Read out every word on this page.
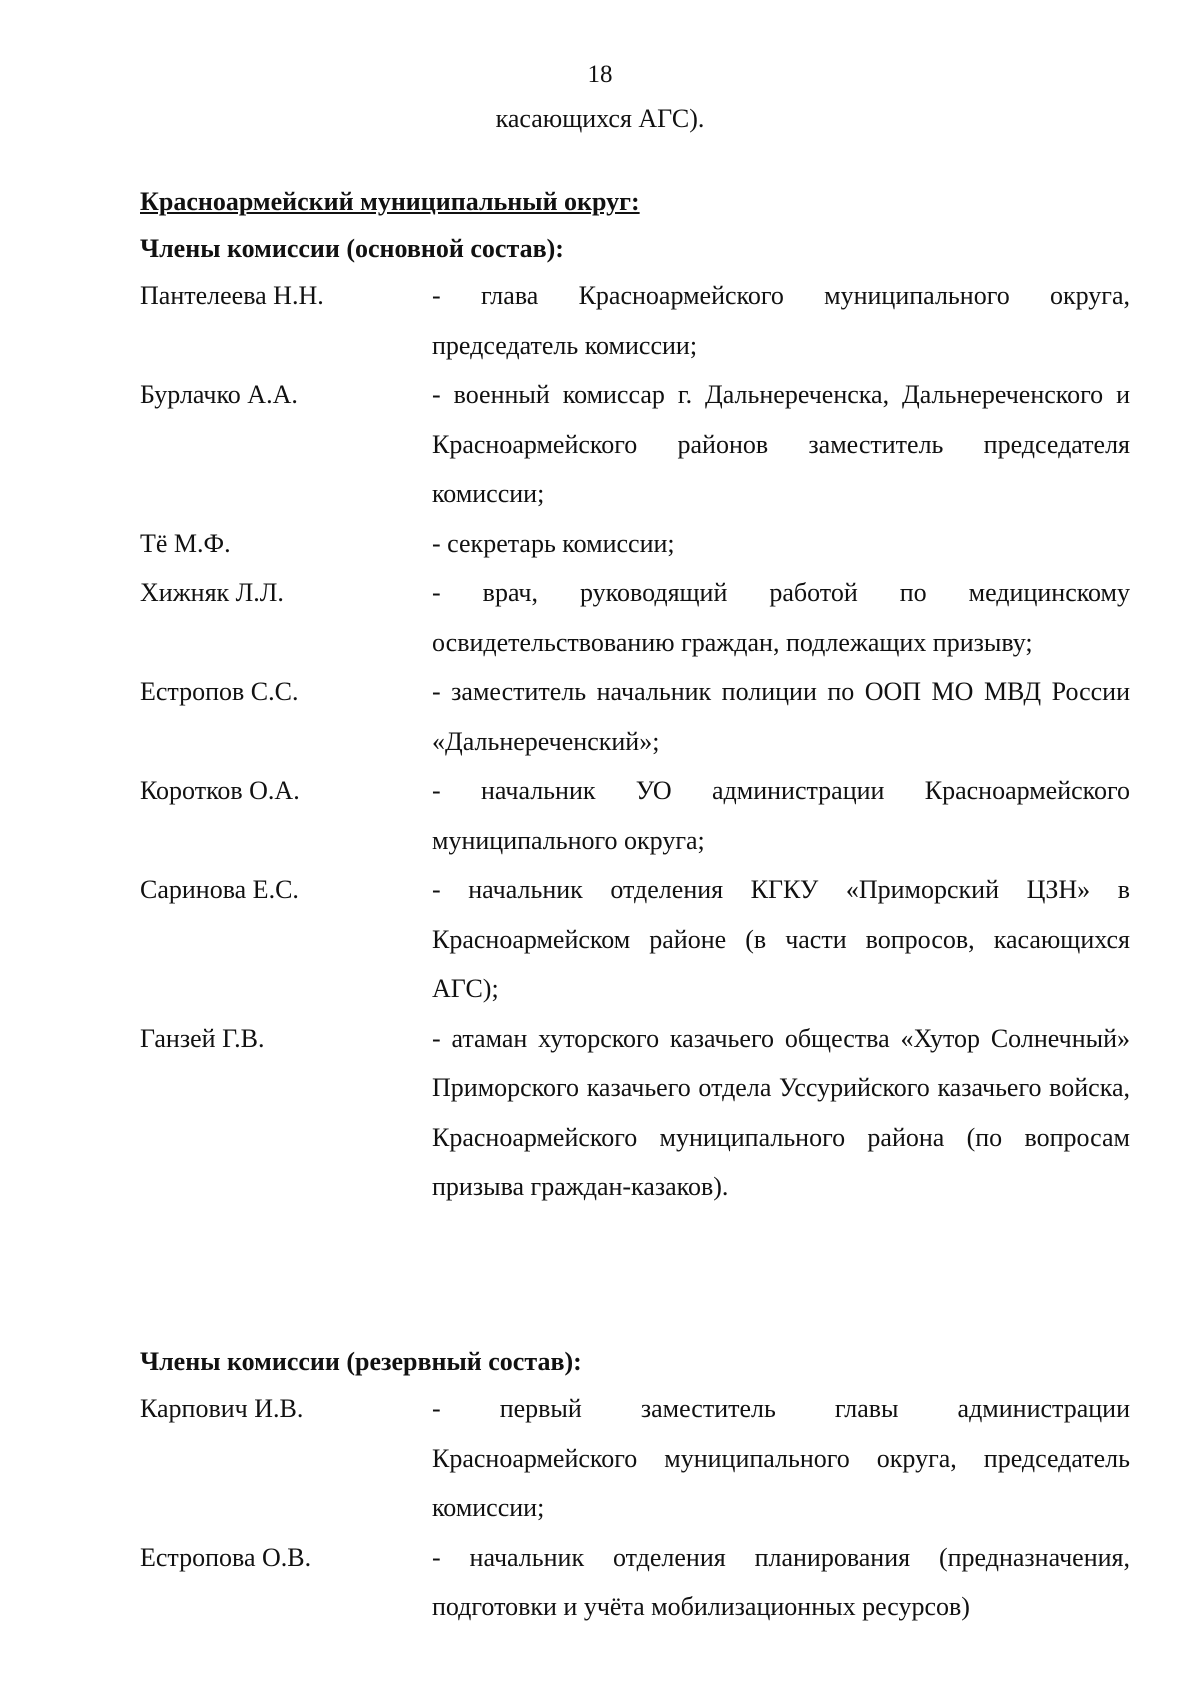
18
касающихся АГС).
Красноармейский муниципальный округ:
Члены комиссии (основной состав):
Пантелеева Н.Н.	- глава Красноармейского муниципального округа, председатель комиссии;
Бурлачко А.А.	- военный комиссар г. Дальнереченска, Дальнереченского и Красноармейского районов заместитель председателя комиссии;
Тё М.Ф.	- секретарь комиссии;
Хижняк Л.Л.	- врач, руководящий работой по медицинскому освидетельствованию граждан, подлежащих призыву;
Естропов С.С.	- заместитель начальник полиции по ООП МО МВД России «Дальнереченский»;
Коротков О.А.	- начальник УО администрации Красноармейского муниципального округа;
Саринова Е.С.	- начальник отделения КГКУ «Приморский ЦЗН» в Красноармейском районе (в части вопросов, касающихся АГС);
Ганзей Г.В.	- атаман хуторского казачьего общества «Хутор Солнечный» Приморского казачьего отдела Уссурийского казачьего войска, Красноармейского муниципального района (по вопросам призыва граждан-казаков).
Члены комиссии (резервный состав):
Карпович И.В.	- первый заместитель главы администрации Красноармейского муниципального округа, председатель комиссии;
Естропова О.В.	- начальник отделения планирования (предназначения, подготовки и учёта мобилизационных ресурсов)
